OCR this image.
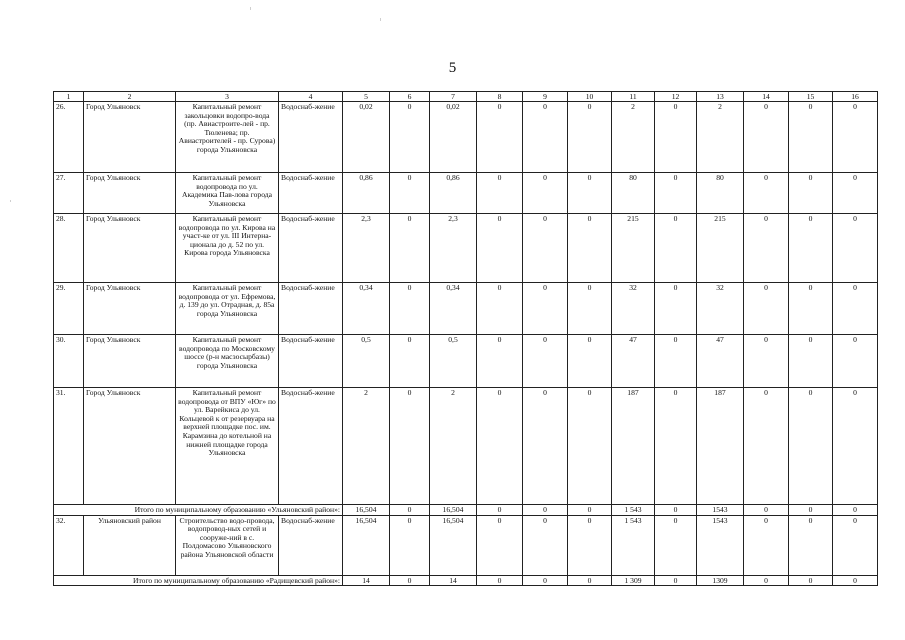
5
1	2	3	4	5	6	7	8	9	10	11	12	13	14	15	16
26.	Город Ульяновск	Капитальный ремонт закольцовки водопро-вода (пр. Авиастроите-лей - пр. Тюленева; пр. Авиастроителей - пр. Сурова) города Ульяновска	Водоснаб-жение	0,02	0	0,02	0	0	0	2	0	2	0	0	0
27.	Город Ульяновск	Капитальный ремонт водопровода по ул. Академика Пав-лова города Ульяновска	Водоснаб-жение	0,86	0	0,86	0	0	0	80	0	80	0	0	0
28.	Город Ульяновск	Капитальный ремонт водопровода по ул. Кирова на участ-ке от ул. III Интерна-ционала до д. 52 по ул. Кирова города Ульяновска	Водоснаб-жение	2,3	0	2,3	0	0	0	215	0	215	0	0	0
29.	Город Ульяновск	Капитальный ремонт водопровода от ул. Ефремова, д. 139 до ул. Отрадная, д. 85а города Ульяновска	Водоснаб-жение	0,34	0	0,34	0	0	0	32	0	32	0	0	0
30.	Город Ульяновск	Капитальный ремонт водопровода по Московскому шоссе (р-н масзосырбазы) города Ульяновска	Водоснаб-жение	0,5	0	0,5	0	0	0	47	0	47	0	0	0
31.	Город Ульяновск	Капитальный ремонт водопровода от ВПУ «Юг» по ул. Варейкиса до ул. Кольцевой к от резервуара на верхней площадке пос. им. Карамзина до котельной на нижней площадке города Ульяновска	Водоснаб-жение	2	0	2	0	0	0	187	0	187	0	0	0
Итого по муниципальному образованию «Ульяновский район»:				16,504	0	16,504	0	0	0	1 543	0	1543	0	0	0
32.	Ульяновский район	Строительство водо-провода, водопровод-ных сетей и сооруже-ний в с. Полдомасово Ульяновского района Ульяновской области	Водоснаб-жение	16,504	0	16,504	0	0	0	1 543	0	1543	0	0	0
Итого по муниципальному образованию «Радищевский район»:				14	0	14	0	0	0	1 309	0	1309	0	0	0
